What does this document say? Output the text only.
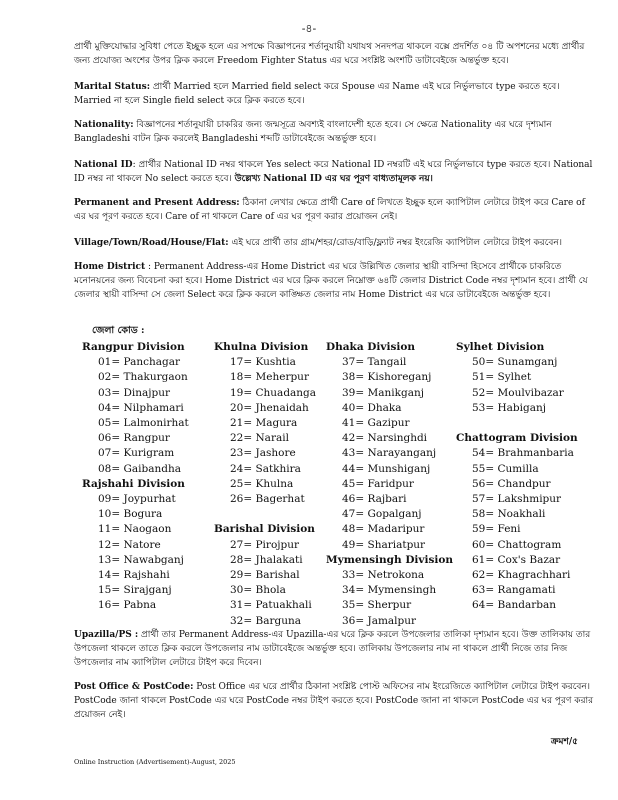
-৪-
প্রার্থী মুক্তিযোদ্ধার সুবিধা পেতে ইচ্ছুক হলে এর সপক্ষে বিজ্ঞাপনের শর্তানুযায়ী যথাযথ সনদপত্র থাকলে বক্সে প্রদর্শিত ০৪ টি অপশনের মধ্যে প্রার্থীর জন্য প্রযোজ্য অংশের উপর ক্লিক করলে Freedom Fighter Status এর ঘরে সংশ্লিষ্ট অংশটি ডাটাবেইজে অন্তর্ভুক্ত হবে।
Marital Status: প্রার্থী Married হলে Married field select করে Spouse এর Name এই ঘরে নির্ভুলভাবে type করতে হবে। Married না হলে Single field select করে ক্লিক করতে হবে।
Nationality: বিজ্ঞাপনের শর্তানুযায়ী চাকরির জন্য জন্মসূত্রে অবশ্যই বাংলাদেশী হতে হবে। সে ক্ষেত্রে Nationality এর ঘরে দৃশ্যমান Bangladeshi বাটন ক্লিক করলেই Bangladeshi শব্দটি ডাটাবেইজে অন্তর্ভুক্ত হবে।
National ID: প্রার্থীর National ID নম্বর থাকলে Yes select করে National ID নম্বরটি এই ঘরে নির্ভুলভাবে type করতে হবে। National ID নম্বর না থাকলে No select করতে হবে। উল্লেখ্য National ID এর ঘর পূরণ বাধ্যতামূলক নয়।
Permanent and Present Address: ঠিকানা লেখার ক্ষেত্রে প্রার্থী Care of লিখতে ইচ্ছুক হলে ক্যাপিটাল লেটারে টাইপ করে Care of এর ঘর পূরণ করতে হবে। Care of না থাকলে Care of এর ঘর পূরণ করার প্রয়োজন নেই।
Village/Town/Road/House/Flat: এই ঘরে প্রার্থী তার গ্রাম/শহর/রোড/বাড়ি/ফ্ল্যাট নম্বর ইংরেজি ক্যাপিটাল লেটারে টাইপ করবেন।
Home District : Permanent Address-এর Home District এর ঘরে উল্লিখিত জেলার স্থায়ী বাসিন্দা হিসেবে প্রার্থীকে চাকরিতে মনোনয়নের জন্য বিবেচনা করা হবে। Home District এর ঘরে ক্লিক করলে নিম্নোক্ত ৬৪টি জেলার District Code নম্বর দৃশ্যমান হবে। প্রার্থী যে জেলার স্থায়ী বাসিন্দা সে জেলা Select করে ক্লিক করলে কাঙ্ক্ষিত জেলার নাম Home District এর ঘরে ডাটাবেইজে অন্তর্ভুক্ত হবে।
জেলা কোড :
Rangpur Division
01= Panchagar
02= Thakurgaon
03= Dinajpur
04= Nilphamari
05= Lalmonirhat
06= Rangpur
07= Kurigram
08= Gaibandha
Rajshahi Division
09= Joypurhat
10= Bogura
11= Naogaon
12= Natore
13= Nawabganj
14= Rajshahi
15= Sirajganj
16= Pabna
Khulna Division
17= Kushtia
18= Meherpur
19= Chuadanga
20= Jhenaidah
21= Magura
22= Narail
23= Jashore
24= Satkhira
25= Khulna
26= Bagerhat

Barishal Division
27= Pirojpur
28= Jhalakati
29= Barishal
30= Bhola
31= Patuakhali
32= Barguna
Dhaka Division
37= Tangail
38= Kishoreganj
39= Manikganj
40= Dhaka
41= Gazipur
42= Narsinghdi
43= Narayanganj
44= Munshiganj
45= Faridpur
46= Rajbari
47= Gopalganj
48= Madaripur
49= Shariatpur
Mymensingh Division
33= Netrokona
34= Mymensingh
35= Sherpur
36= Jamalpur
Sylhet Division
50= Sunamganj
51= Sylhet
52= Moulvibazar
53= Habiganj

Chattogram Division
54= Brahmanbaria
55= Cumilla
56= Chandpur
57= Lakshmipur
58= Noakhali
59= Feni
60= Chattogram
61= Cox's Bazar
62= Khagrachhari
63= Rangamati
64= Bandarban
Upazilla/PS : প্রার্থী তার Permanent Address-এর Upazilla-এর ঘরে ক্লিক করলে উপজেলার তালিকা দৃশ্যমান হবে। উক্ত তালিকায় তার উপজেলা থাকলে তাতে ক্লিক করলে উপজেলার নাম ডাটাবেইজে অন্তর্ভুক্ত হবে। তালিকায় উপজেলার নাম না থাকলে প্রার্থী নিজে তার নিজ উপজেলার নাম ক্যাপিটাল লেটারে টাইপ করে দিবেন।
Post Office & PostCode: Post Office এর ঘরে প্রার্থীর ঠিকানা সংশ্লিষ্ট পোস্ট অফিসের নাম ইংরেজিতে ক্যাপিটাল লেটারে টাইপ করবেন। PostCode জানা থাকলে PostCode এর ঘরে PostCode নম্বর টাইপ করতে হবে। PostCode জানা না থাকলে PostCode এর ঘর পূরণ করার প্রয়োজন নেই।
ক্রমশ/৫
Online Instruction (Advertisement)-August, 2025
